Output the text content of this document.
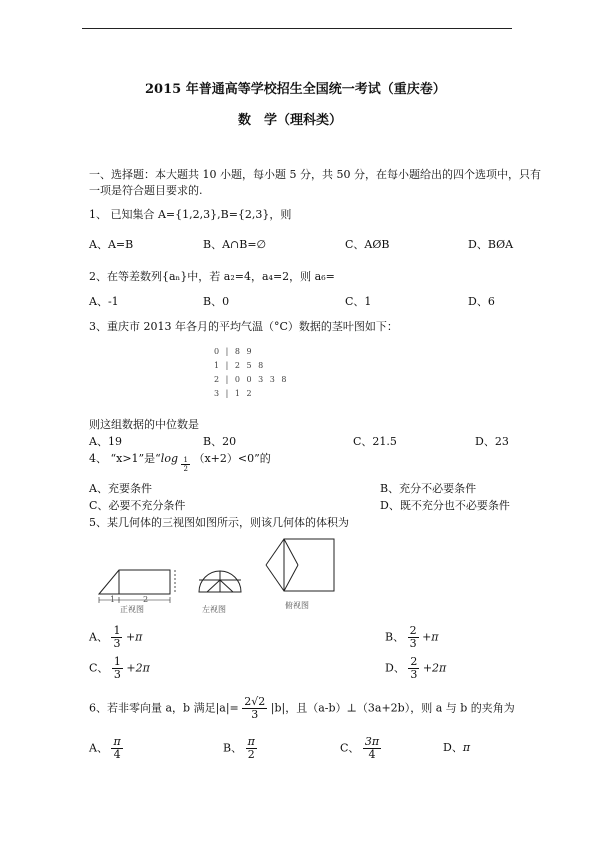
2015 年普通高等学校招生全国统一考试（重庆卷）
数　学（理科类）
一、选择题：本大题共 10 小题，每小题 5 分，共 50 分，在每小题给出的四个选项中，只有
一项是符合题目要求的.
1、 已知集合 A={1,2,3},B={2,3}，则
A、A=B	B、A∩B=∅	C、AØB	D、BØA
2、在等差数列{aₙ}中，若 a₂=4，a₄=2，则 a₆=
A、-1	B、0	C、1	D、6
3、重庆市 2013 年各月的平均气温（°C）数据的茎叶图如下：
0 | 8 9
1 | 2 5 8
2 | 0 0 3 3 8
3 | 1 2
则这组数据的中位数是
A、19	B、20	C、21.5	D、23
4、 “x>1”是“$\log \frac{1}{2} (x+2)<0$”的
A、充要条件	B、充分不必要条件
C、必要不充分条件	D、既不充分也不必要条件
5、某几何体的三视图如图所示，则该几何体的体积为
1	2
正视图	左视图	俯视图
A、 $\frac{1}{3} +\pi$	B、 $\frac{2}{3} +\pi$
C、 $\frac{1}{3} +2\pi$	D、 $\frac{2}{3} +2\pi$
6、若非零向量 a，b 满足$|a|= \frac{2√2}{3} |b|$，且（a-b）⊥（3a+2b），则 a 与 b 的夹角为
A、 $\frac{\pi}{4}$	B、 $\frac{\pi}{2}$	C、 $\frac{3\pi}{4}$	D、π
